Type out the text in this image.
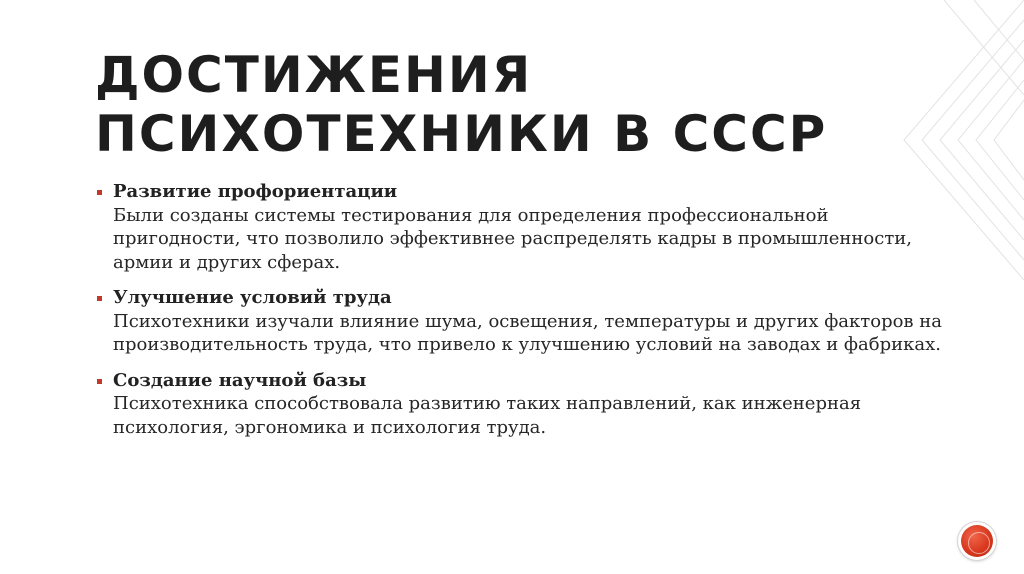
ДОСТИЖЕНИЯ
ПСИХОТЕХНИКИ В СССР
Развитие профориентации
Были созданы системы тестирования для определения профессиональной пригодности, что позволило эффективнее распределять кадры в промышленности, армии и других сферах.
Улучшение условий труда
Психотехники изучали влияние шума, освещения, температуры и других факторов на производительность труда, что привело к улучшению условий на заводах и фабриках.
Создание научной базы
Психотехника способствовала развитию таких направлений, как инженерная психология, эргономика и психология труда.
